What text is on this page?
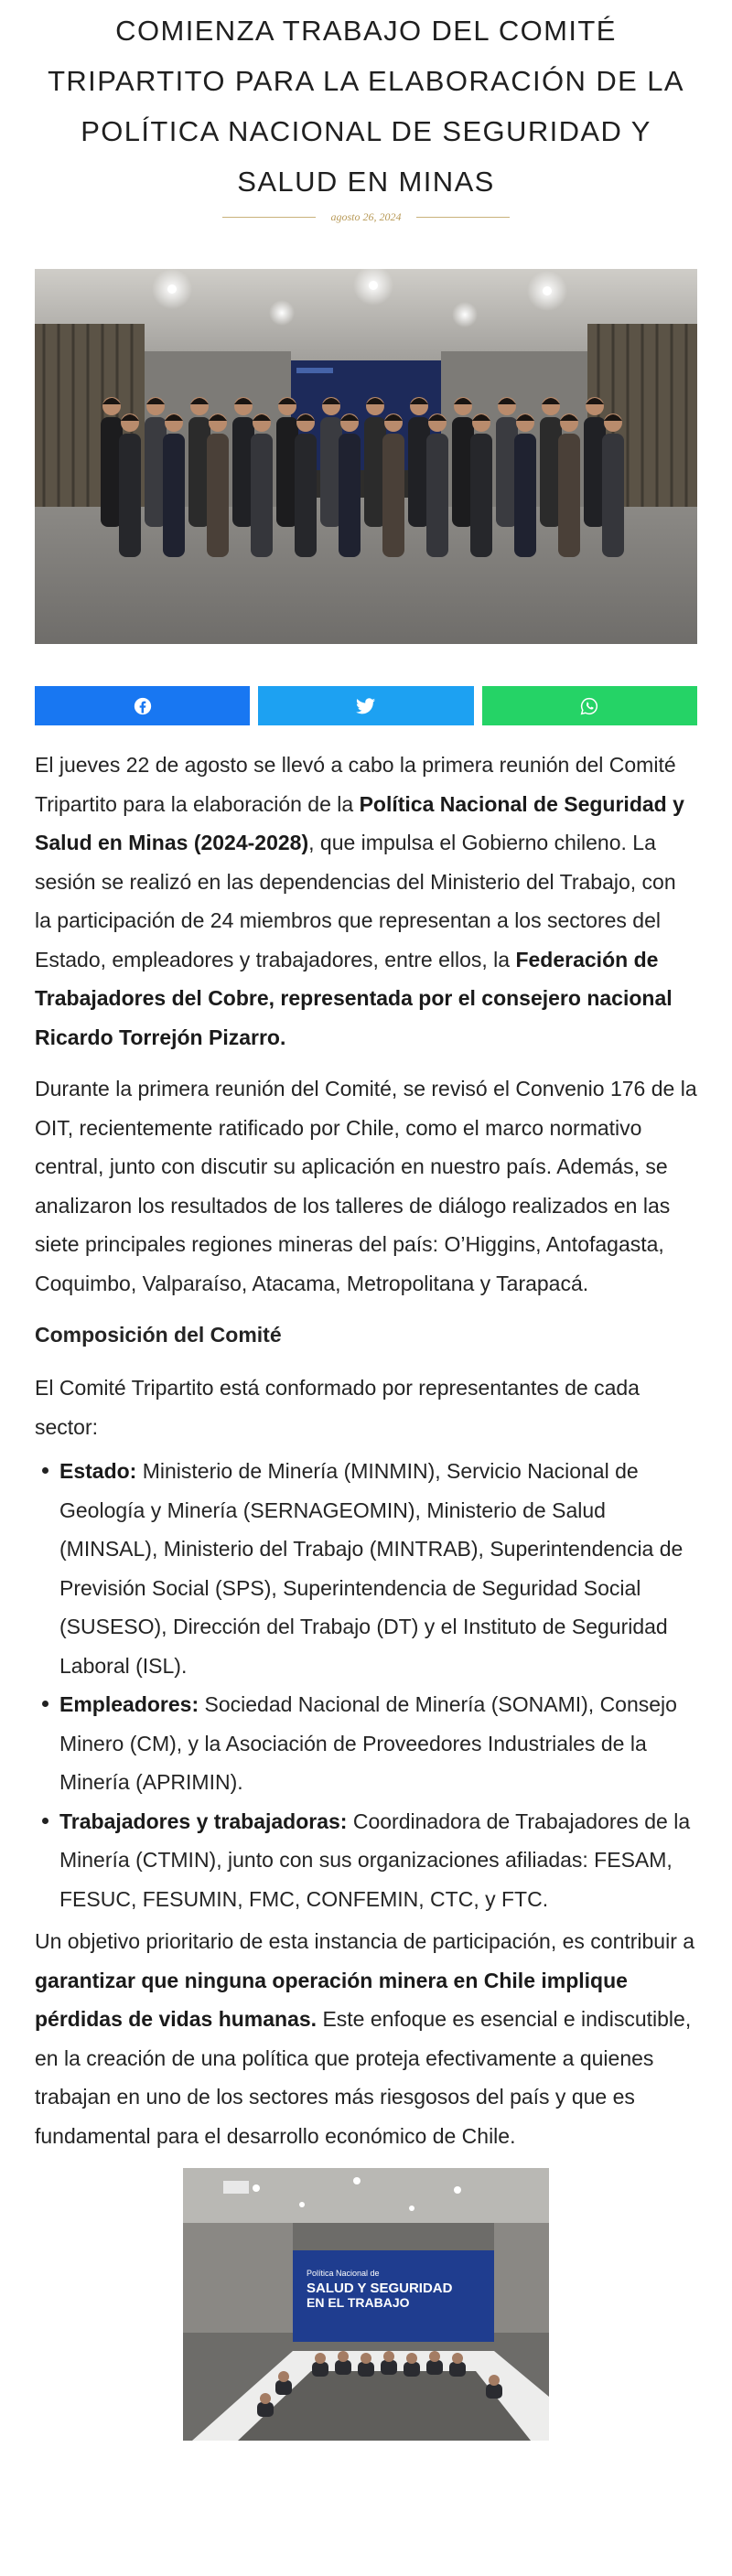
COMIENZA TRABAJO DEL COMITÉ TRIPARTITO PARA LA ELABORACIÓN DE LA POLÍTICA NACIONAL DE SEGURIDAD Y SALUD EN MINAS
agosto 26, 2024

El jueves 22 de agosto se llevó a cabo la primera reunión del Comité Tripartito para la elaboración de la Política Nacional de Seguridad y Salud en Minas (2024-2028), que impulsa el Gobierno chileno. La sesión se realizó en las dependencias del Ministerio del Trabajo, con la participación de 24 miembros que representan a los sectores del Estado, empleadores y trabajadores, entre ellos, la Federación de Trabajadores del Cobre, representada por el consejero nacional Ricardo Torrejón Pizarro.

Durante la primera reunión del Comité, se revisó el Convenio 176 de la OIT, recientemente ratificado por Chile, como el marco normativo central, junto con discutir su aplicación en nuestro país. Además, se analizaron los resultados de los talleres de diálogo realizados en las siete principales regiones mineras del país: O’Higgins, Antofagasta, Coquimbo, Valparaíso, Atacama, Metropolitana y Tarapacá.

Composición del Comité

El Comité Tripartito está conformado por representantes de cada sector:

Estado: Ministerio de Minería (MINMIN), Servicio Nacional de Geología y Minería (SERNAGEOMIN), Ministerio de Salud (MINSAL), Ministerio del Trabajo (MINTRAB), Superintendencia de Previsión Social (SPS), Superintendencia de Seguridad Social (SUSESO), Dirección del Trabajo (DT) y el Instituto de Seguridad Laboral (ISL).
Empleadores: Sociedad Nacional de Minería (SONAMI), Consejo Minero (CM), y la Asociación de Proveedores Industriales de la Minería (APRIMIN).
Trabajadores y trabajadoras: Coordinadora de Trabajadores de la Minería (CTMIN), junto con sus organizaciones afiliadas: FESAM, FESUC, FESUMIN, FMC, CONFEMIN, CTC, y FTC.

Un objetivo prioritario de esta instancia de participación, es contribuir a garantizar que ninguna operación minera en Chile implique pérdidas de vidas humanas. Este enfoque es esencial e indiscutible, en la creación de una política que proteja efectivamente a quienes trabajan en uno de los sectores más riesgosos del país y que es fundamental para el desarrollo económico de Chile.

Política Nacional de
SALUD Y SEGURIDAD
EN EL TRABAJO
